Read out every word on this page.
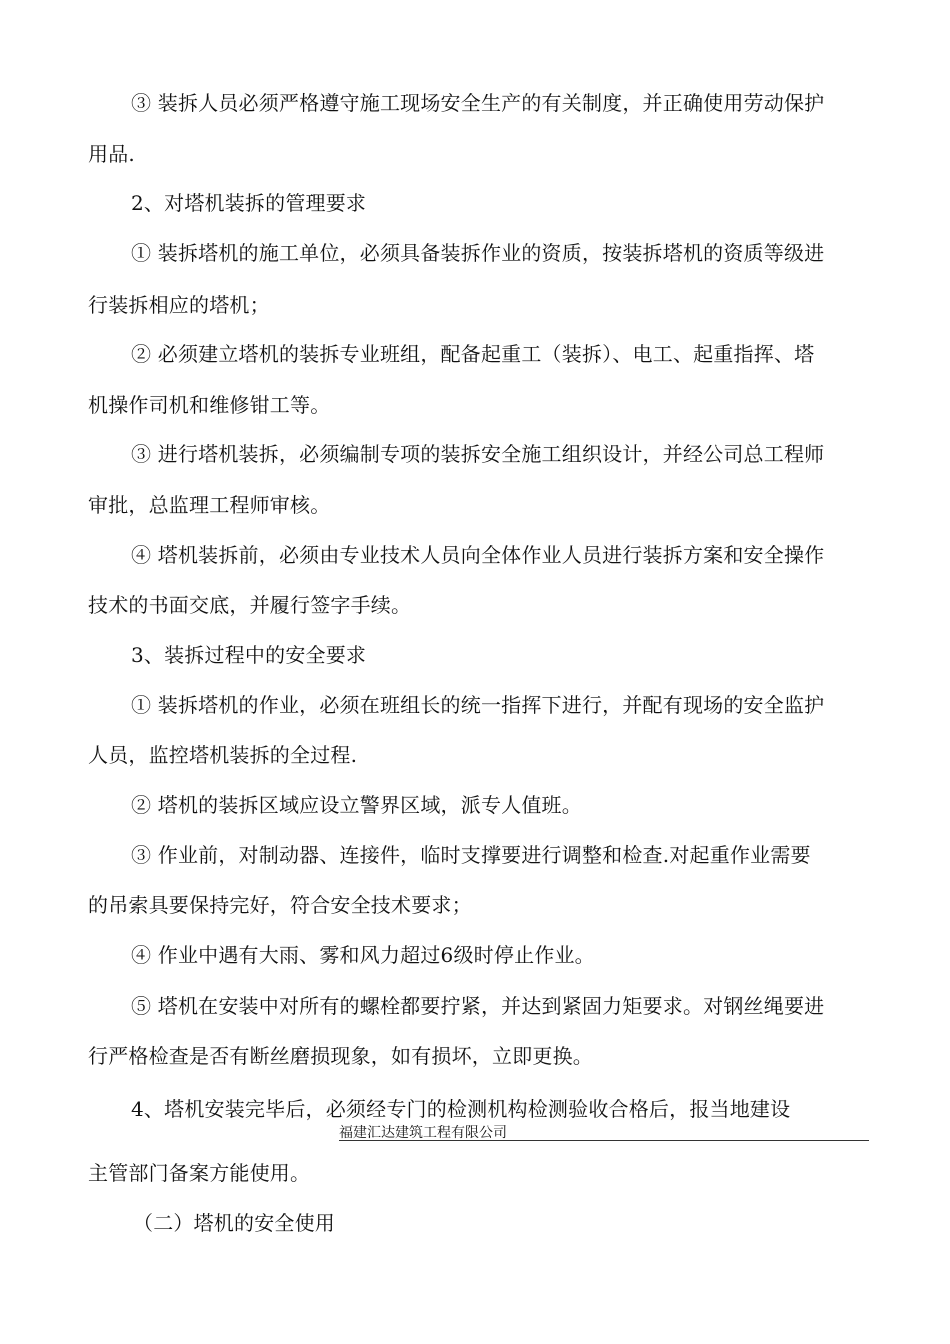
③ 装拆人员必须严格遵守施工现场安全生产的有关制度，并正确使用劳动保护
用品.
2、对塔机装拆的管理要求
① 装拆塔机的施工单位，必须具备装拆作业的资质，按装拆塔机的资质等级进
行装拆相应的塔机；
② 必须建立塔机的装拆专业班组，配备起重工（装拆）、电工、起重指挥、塔
机操作司机和维修钳工等。
③ 进行塔机装拆，必须编制专项的装拆安全施工组织设计，并经公司总工程师
审批，总监理工程师审核。
④ 塔机装拆前，必须由专业技术人员向全体作业人员进行装拆方案和安全操作
技术的书面交底，并履行签字手续。
3、装拆过程中的安全要求
① 装拆塔机的作业，必须在班组长的统一指挥下进行，并配有现场的安全监护
人员，监控塔机装拆的全过程.
② 塔机的装拆区域应设立警界区域，派专人值班。
③ 作业前，对制动器、连接件，临时支撑要进行调整和检查.对起重作业需要
的吊索具要保持完好，符合安全技术要求；
④ 作业中遇有大雨、雾和风力超过6级时停止作业。
⑤ 塔机在安装中对所有的螺栓都要拧紧，并达到紧固力矩要求。对钢丝绳要进
行严格检查是否有断丝磨损现象，如有损坏，立即更换。
4、塔机安装完毕后，必须经专门的检测机构检测验收合格后，报当地建设
福建汇达建筑工程有限公司
主管部门备案方能使用。
（二）塔机的安全使用
